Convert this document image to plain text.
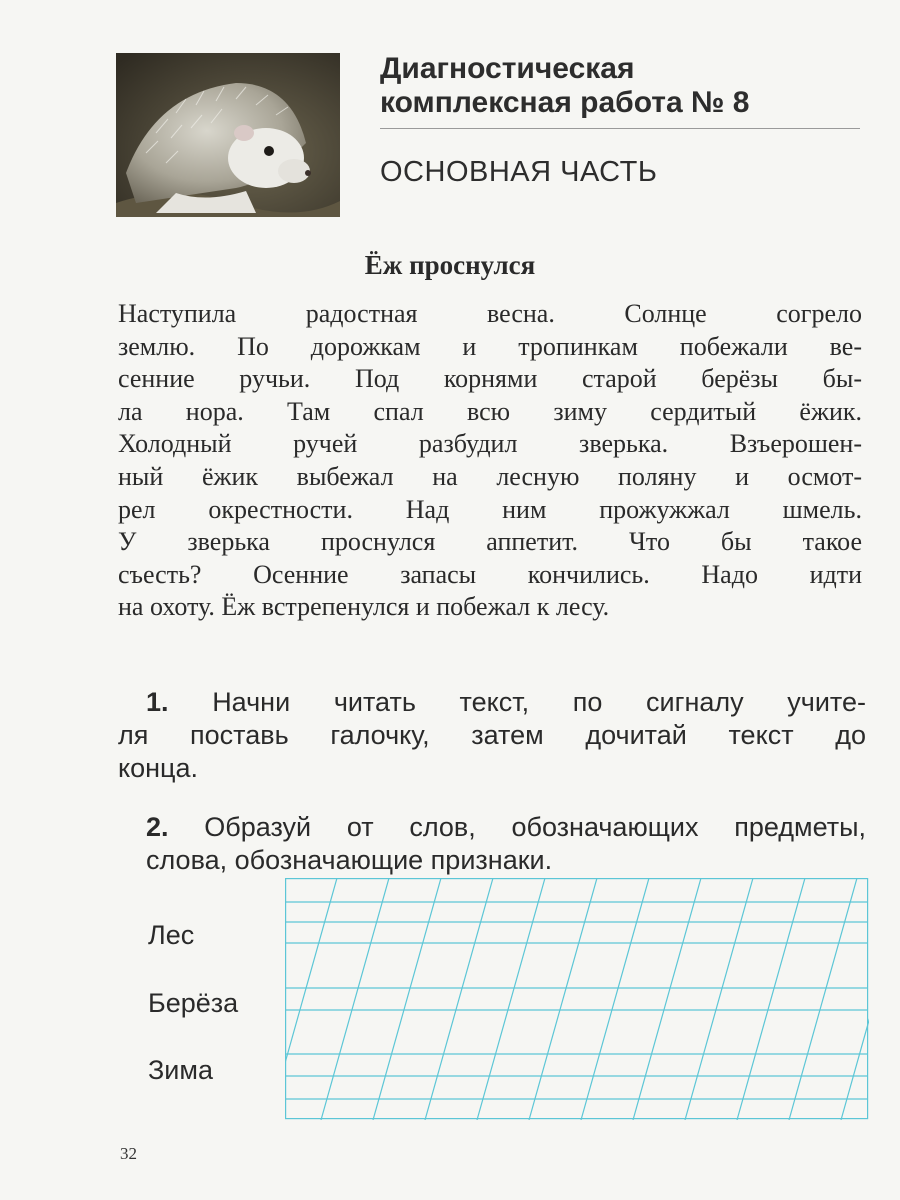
Диагностическая
комплексная работа № 8
ОСНОВНАЯ ЧАСТЬ
Ёж проснулся
Наступила радостная весна. Солнце согрело
землю. По дорожкам и тропинкам побежали ве-
сенние ручьи. Под корнями старой берёзы бы-
ла нора. Там спал всю зиму сердитый ёжик.
Холодный ручей разбудил зверька. Взъерошен-
ный ёжик выбежал на лесную поляну и осмот-
рел окрестности. Над ним прожужжал шмель.
У зверька проснулся аппетит. Что бы такое
съесть? Осенние запасы кончились. Надо идти
на охоту. Ёж встрепенулся и побежал к лесу.
1. Начни читать текст, по сигналу учите-
ля поставь галочку, затем дочитай текст до
конца.
2. Образуй от слов, обозначающих предметы,
слова, обозначающие признаки.
Лес
Берёза
Зима
32
